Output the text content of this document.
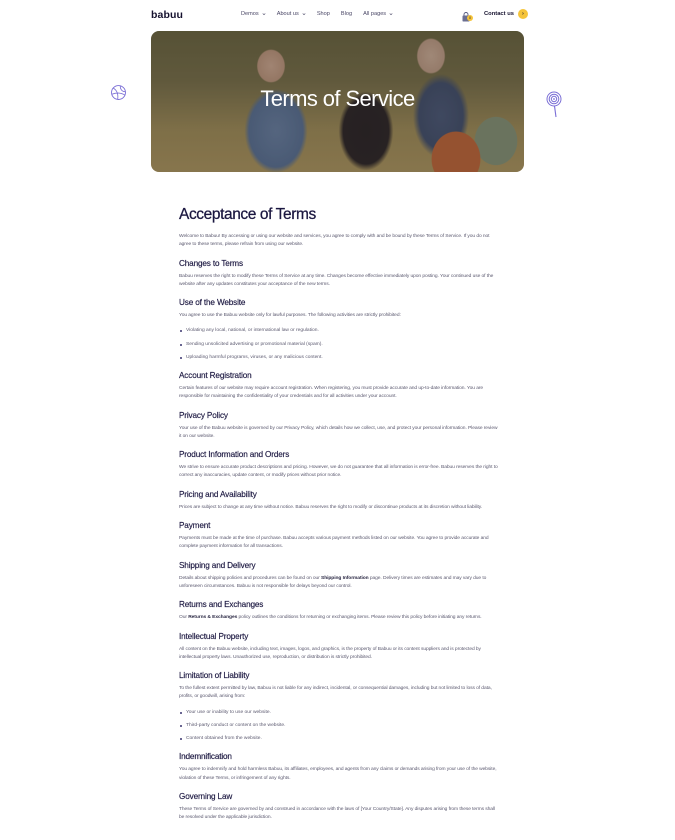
babuu	Demos	About us	Shop Blog All pages
0
Contact us	›
Terms of Service
Acceptance of Terms

Welcome to Babuu! By accessing or using our website and services, you agree to comply with and be bound by these Terms of Service. If you do not agree to these terms, please refrain from using our website.

Changes to Terms

Babuu reserves the right to modify these Terms of Service at any time. Changes become effective immediately upon posting. Your continued use of the website after any updates constitutes your acceptance of the new terms.

Use of the Website

You agree to use the Babuu website only for lawful purposes. The following activities are strictly prohibited:

Violating any local, national, or international law or regulation.
Sending unsolicited advertising or promotional material (spam).
Uploading harmful programs, viruses, or any malicious content.
Account Registration

Certain features of our website may require account registration. When registering, you must provide accurate and up-to-date information. You are responsible for maintaining the confidentiality of your credentials and for all activities under your account.

Privacy Policy

Your use of the Babuu website is governed by our Privacy Policy, which details how we collect, use, and protect your personal information. Please review it on our website.

Product Information and Orders

We strive to ensure accurate product descriptions and pricing. However, we do not guarantee that all information is error-free. Babuu reserves the right to correct any inaccuracies, update content, or modify prices without prior notice.

Pricing and Availability

Prices are subject to change at any time without notice. Babuu reserves the right to modify or discontinue products at its discretion without liability.

Payment

Payments must be made at the time of purchase. Babuu accepts various payment methods listed on our website. You agree to provide accurate and complete payment information for all transactions.

Shipping and Delivery

Details about shipping policies and procedures can be found on our Shipping Information page. Delivery times are estimates and may vary due to unforeseen circumstances. Babuu is not responsible for delays beyond our control.

Returns and Exchanges

Our Returns & Exchanges policy outlines the conditions for returning or exchanging items. Please review this policy before initiating any returns.

Intellectual Property

All content on the Babuu website, including text, images, logos, and graphics, is the property of Babuu or its content suppliers and is protected by intellectual property laws. Unauthorized use, reproduction, or distribution is strictly prohibited.

Limitation of Liability

To the fullest extent permitted by law, Babuu is not liable for any indirect, incidental, or consequential damages, including but not limited to loss of data, profits, or goodwill, arising from:

Your use or inability to use our website.
Third-party conduct or content on the website.
Content obtained from the website.
Indemnification

You agree to indemnify and hold harmless Babuu, its affiliates, employees, and agents from any claims or demands arising from your use of the website, violation of these Terms, or infringement of any rights.

Governing Law

These Terms of Service are governed by and construed in accordance with the laws of [Your Country/State]. Any disputes arising from these terms shall be resolved under the applicable jurisdiction.
